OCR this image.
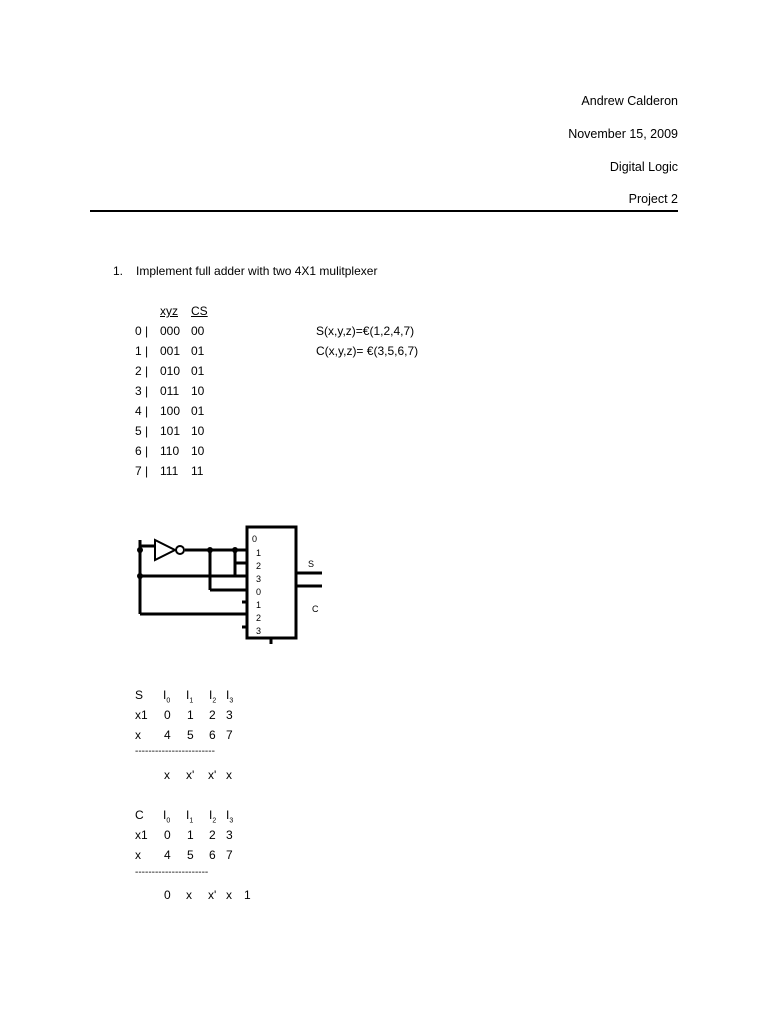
Andrew Calderon
November 15, 2009
Digital Logic
Project 2
1. Implement full adder with two 4X1 mulitplexer
xyz CS
0 | 000 00
1 | 001 01
2 | 010 01
3 | 011 10
4 | 100 01
5 | 101 10
6 | 110 10
7 | 111 11
S(x,y,z)=€(1,2,4,7)
C(x,y,z)= €(3,5,6,7)
0
1
2
3
0
1
2
3
S
C
S $I_0$ $I_1$ $I_2$ $I_3$
x1 0 1 2 3
x 4 5 6 7
------------------------
x x' x' x
C $I_0$ $I_1$ $I_2$ $I_3$
x1 0 1 2 3
x 4 5 6 7
----------------------
0 x x' x 1
